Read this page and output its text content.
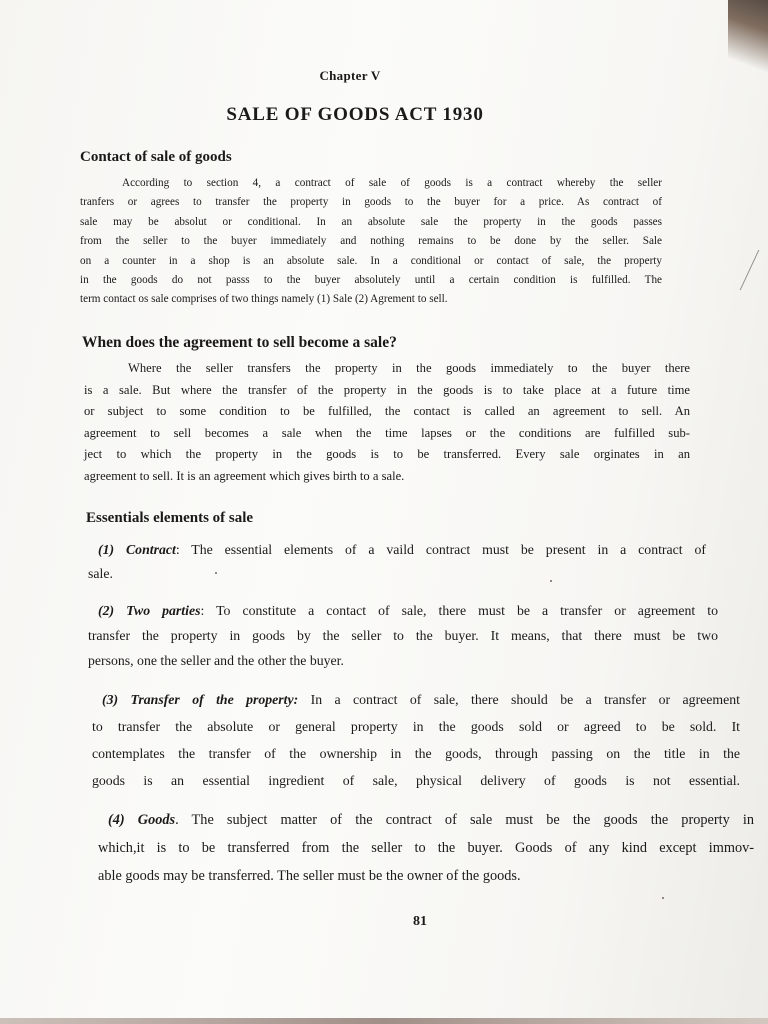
Chapter V
SALE OF GOODS ACT 1930
Contact of sale of goods

According to section 4, a contract of sale of goods is a contract whereby the seller
tranfers or agrees to transfer the property in goods to the buyer for a price. As contract of
sale may be absolut or conditional. In an absolute sale the property in the goods passes
from the seller to the buyer immediately and nothing remains to be done by the seller. Sale
on a counter in a shop is an absolute sale. In a conditional or contact of sale, the property
in the goods do not passs to the buyer absolutely until a certain condition is fulfilled. The
term contact os sale comprises of two things namely (1) Sale (2) Agrement to sell.

When does the agreement to sell become a sale?

Where the seller transfers the property in the goods immediately to the buyer there
is a sale. But where the transfer of the property in the goods is to take place at a future time
or subject to some condition to be fulfilled, the contact is called an agreement to sell. An
agreement to sell becomes a sale when the time lapses or the conditions are fulfilled sub-
ject to which the property in the goods is to be transferred. Every sale orginates in an
agreement to sell. It is an agreement which gives birth to a sale.

Essentials elements of sale

(1) Contract: The essential elements of a vaild contract must be present in a contract of
sale.

(2) Two parties: To constitute a contact of sale, there must be a transfer or agreement to
transfer the property in goods by the seller to the buyer. It means, that there must be two
persons, one the seller and the other the buyer.

(3) Transfer of the property: In a contract of sale, there should be a transfer or agreement
to transfer the absolute or general property in the goods sold or agreed to be sold. It
contemplates the transfer of the ownership in the goods, through passing on the title in the
goods is an essential ingredient of sale, physical delivery of goods is not essential.

(4) Goods. The subject matter of the contract of sale must be the goods the property in
which,it is to be transferred from the seller to the buyer. Goods of any kind except immov-
able goods may be transferred. The seller must be the owner of the goods.

81
